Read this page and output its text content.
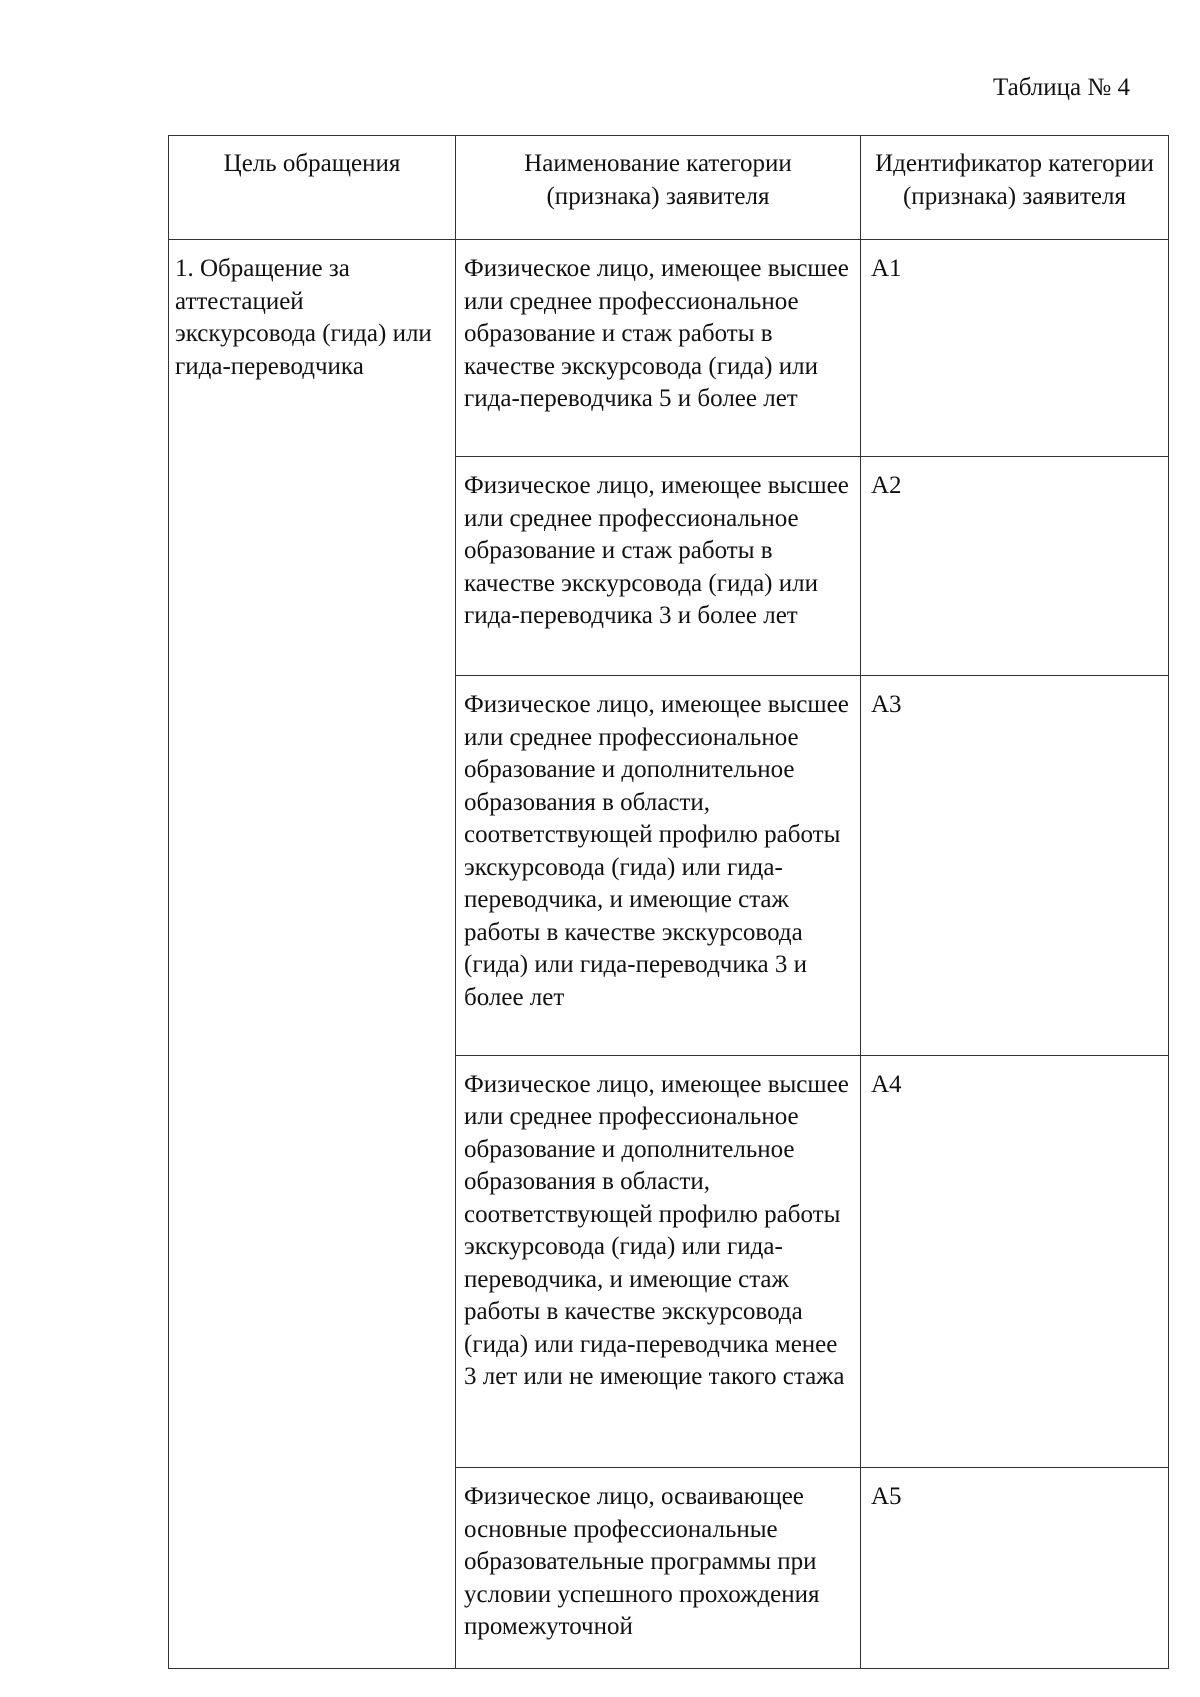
Таблица № 4
Цель обращения	Наименование категории (признака) заявителя	Идентификатор категории (признака) заявителя
1. Обращение за аттестацией экскурсовода (гида) или гида-переводчика	Физическое лицо, имеющее высшее или среднее профессиональное образование и стаж работы в качестве экскурсовода (гида) или гида-переводчика 5 и более лет	А1
	Физическое лицо, имеющее высшее или среднее профессиональное образование и стаж работы в качестве экскурсовода (гида) или гида-переводчика 3 и более лет	А2
	Физическое лицо, имеющее высшее или среднее профессиональное образование и дополнительное образования в области, соответствующей профилю работы экскурсовода (гида) или гида-переводчика, и имеющие стаж работы в качестве экскурсовода (гида) или гида-переводчика 3 и более лет	А3
	Физическое лицо, имеющее высшее или среднее профессиональное образование и дополнительное образования в области, соответствующей профилю работы экскурсовода (гида) или гида-переводчика, и имеющие стаж работы в качестве экскурсовода (гида) или гида-переводчика менее 3 лет или не имеющие такого стажа	А4
	Физическое лицо, осваивающее основные профессиональные образовательные программы при условии успешного прохождения промежуточной	А5
